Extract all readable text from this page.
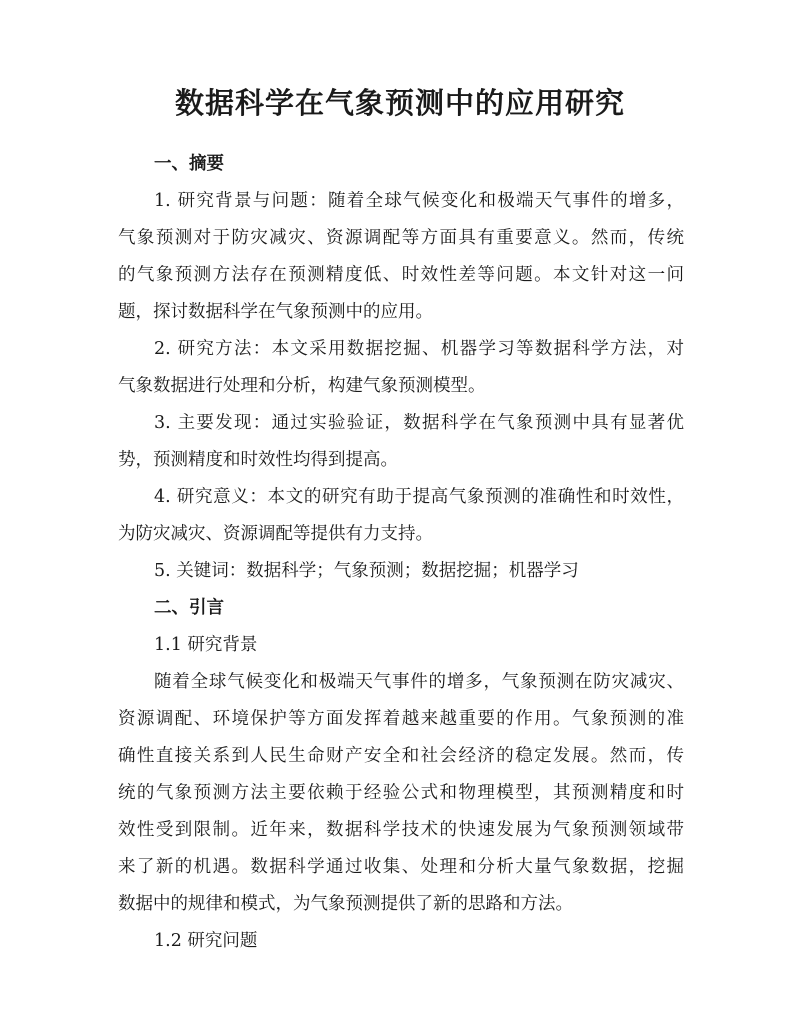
数据科学在气象预测中的应用研究
一、摘要
1. 研究背景与问题：随着全球气候变化和极端天气事件的增多，
气象预测对于防灾减灾、资源调配等方面具有重要意义。然而，传统
的气象预测方法存在预测精度低、时效性差等问题。本文针对这一问
题，探讨数据科学在气象预测中的应用。
2. 研究方法：本文采用数据挖掘、机器学习等数据科学方法，对
气象数据进行处理和分析，构建气象预测模型。
3. 主要发现：通过实验验证，数据科学在气象预测中具有显著优
势，预测精度和时效性均得到提高。
4. 研究意义：本文的研究有助于提高气象预测的准确性和时效性，
为防灾减灾、资源调配等提供有力支持。
5. 关键词：数据科学；气象预测；数据挖掘；机器学习
二、引言
1.1 研究背景
随着全球气候变化和极端天气事件的增多，气象预测在防灾减灾、
资源调配、环境保护等方面发挥着越来越重要的作用。气象预测的准
确性直接关系到人民生命财产安全和社会经济的稳定发展。然而，传
统的气象预测方法主要依赖于经验公式和物理模型，其预测精度和时
效性受到限制。近年来，数据科学技术的快速发展为气象预测领域带
来了新的机遇。数据科学通过收集、处理和分析大量气象数据，挖掘
数据中的规律和模式，为气象预测提供了新的思路和方法。
1.2 研究问题
